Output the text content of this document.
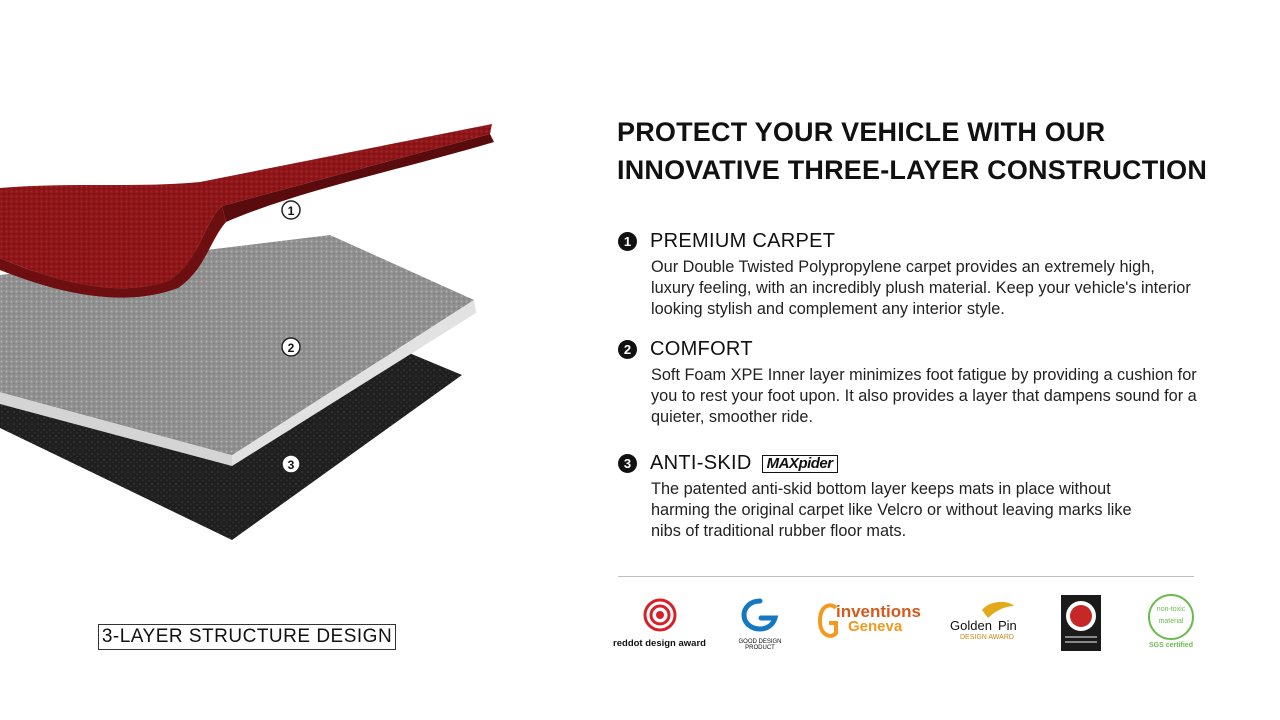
1
2
3
3-LAYER STRUCTURE DESIGN
PROTECT YOUR VEHICLE WITH OUR
INNOVATIVE THREE-LAYER CONSTRUCTION
1 PREMIUM CARPET
Our Double Twisted Polypropylene carpet provides an extremely high, luxury feeling, with an incredibly plush material. Keep your vehicle's interior looking stylish and complement any interior style.
2 COMFORT
Soft Foam XPE Inner layer minimizes foot fatigue by providing a cushion for you to rest your foot upon. It also provides a layer that dampens sound for a quieter, smoother ride.
3 ANTI-SKID	MAXpider
The patented anti-skid bottom layer keeps mats in place without harming the original carpet like Velcro or without leaving marks like nibs of traditional rubber floor mats.
reddot design award	GOOD DESIGN PRODUCT
inventions
Geneva	Golden Pin
DESIGN AWARD
non-toxic
material
SGS certified
